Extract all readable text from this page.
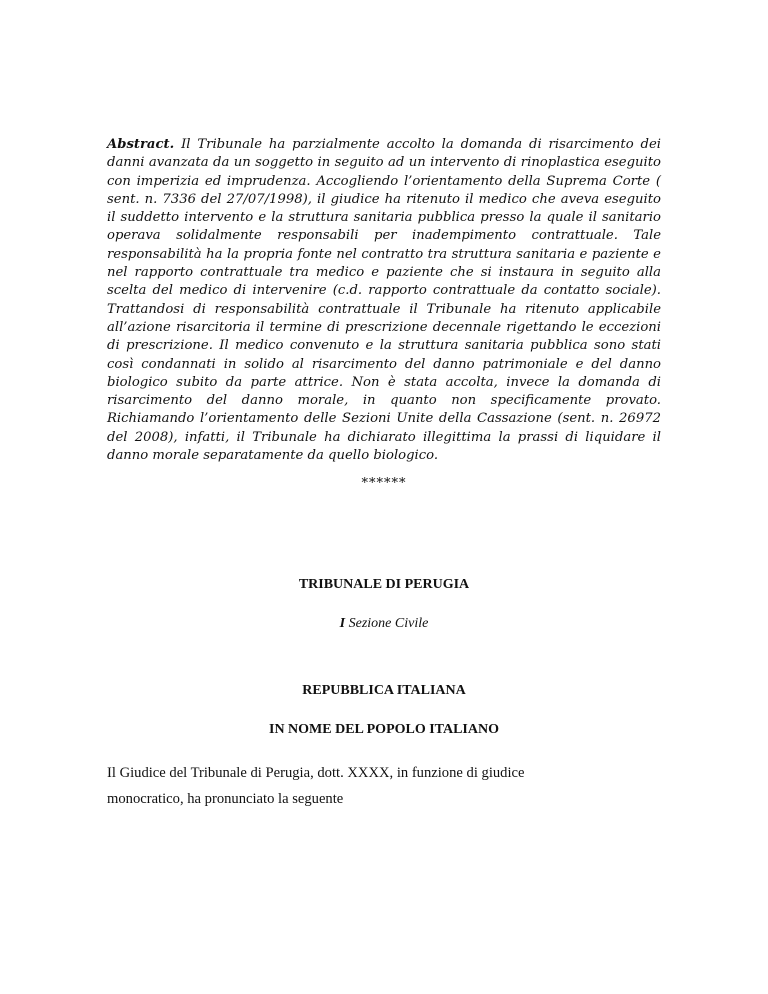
Abstract. Il Tribunale ha parzialmente accolto la domanda di risarcimento dei danni avanzata da un soggetto in seguito ad un intervento di rinoplastica eseguito con imperizia ed imprudenza. Accogliendo l’orientamento della Suprema Corte ( sent. n. 7336 del 27/07/1998), il giudice ha ritenuto il medico che aveva eseguito il suddetto intervento e la struttura sanitaria pubblica presso la quale il sanitario operava solidalmente responsabili per inadempimento contrattuale. Tale responsabilità ha la propria fonte nel contratto tra struttura sanitaria e paziente e nel rapporto contrattuale tra medico e paziente che si instaura in seguito alla scelta del medico di intervenire (c.d. rapporto contrattuale da contatto sociale). Trattandosi di responsabilità contrattuale il Tribunale ha ritenuto applicabile all’azione risarcitoria il termine di prescrizione decennale rigettando le eccezioni di prescrizione. Il medico convenuto e la struttura sanitaria pubblica sono stati così condannati in solido al risarcimento del danno patrimoniale e del danno biologico subito da parte attrice. Non è stata accolta, invece la domanda di risarcimento del danno morale, in quanto non specificamente provato. Richiamando l’orientamento delle Sezioni Unite della Cassazione (sent. n. 26972 del 2008), infatti, il Tribunale ha dichiarato illegittima la prassi di liquidare il danno morale separatamente da quello biologico.

******

TRIBUNALE DI PERUGIA

I Sezione Civile

REPUBBLICA ITALIANA

IN NOME DEL POPOLO ITALIANO

Il Giudice del Tribunale di Perugia, dott. XXXX, in funzione di giudice
monocratico, ha pronunciato la seguente
